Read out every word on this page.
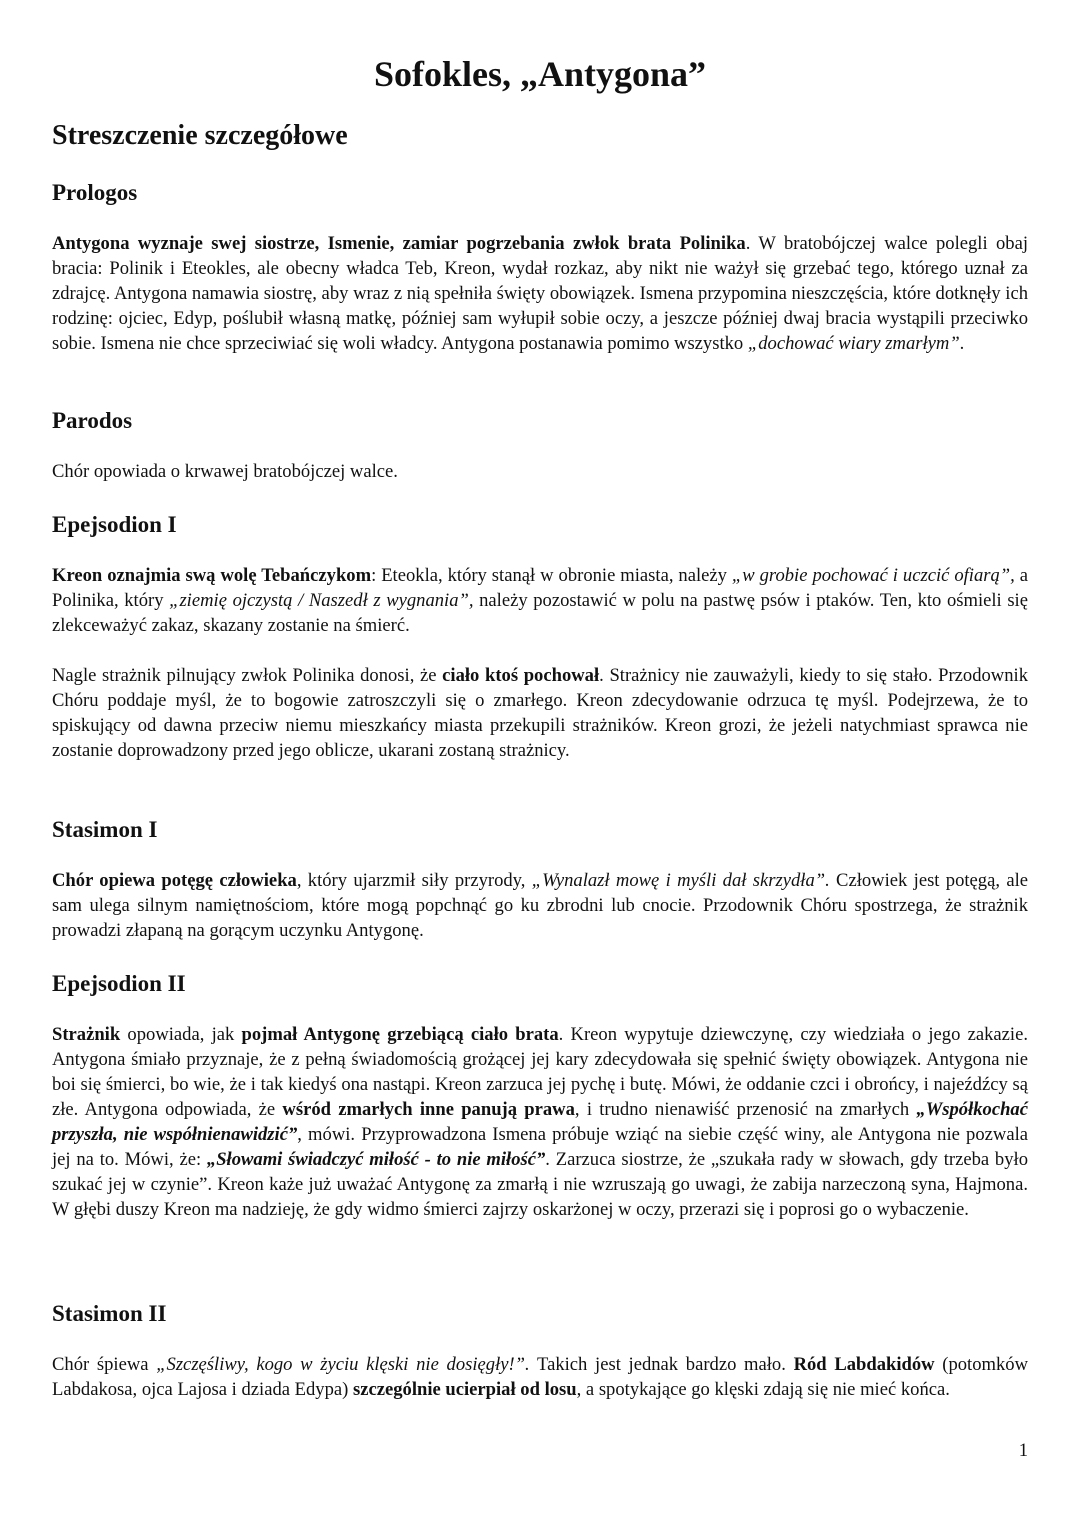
Sofokles, „Antygona”
Streszczenie szczegółowe
Prologos

Antygona wyznaje swej siostrze, Ismenie, zamiar pogrzebania zwłok brata Polinika. W bratobójczej walce polegli obaj bracia: Polinik i Eteokles, ale obecny władca Teb, Kreon, wydał rozkaz, aby nikt nie ważył się grzebać tego, którego uznał za zdrajcę. Antygona namawia siostrę, aby wraz z nią spełniła święty obowiązek. Ismena przypomina nieszczęścia, które dotknęły ich rodzinę: ojciec, Edyp, poślubił własną matkę, później sam wyłupił sobie oczy, a jeszcze później dwaj bracia wystąpili przeciwko sobie. Ismena nie chce sprzeciwiać się woli władcy. Antygona postanawia pomimo wszystko „dochować wiary zmarłym”.

Parodos

Chór opowiada o krwawej bratobójczej walce.

Epejsodion I

Kreon oznajmia swą wolę Tebańczykom: Eteokla, który stanął w obronie miasta, należy „w grobie pochować i uczcić ofiarą”, a Polinika, który „ziemię ojczystą / Naszedł z wygnania”, należy pozostawić w polu na pastwę psów i ptaków. Ten, kto ośmieli się zlekceważyć zakaz, skazany zostanie na śmierć.

Nagle strażnik pilnujący zwłok Polinika donosi, że ciało ktoś pochował. Strażnicy nie zauważyli, kiedy to się stało. Przodownik Chóru poddaje myśl, że to bogowie zatroszczyli się o zmarłego. Kreon zdecydowanie odrzuca tę myśl. Podejrzewa, że to spiskujący od dawna przeciw niemu mieszkańcy miasta przekupili strażników. Kreon grozi, że jeżeli natychmiast sprawca nie zostanie doprowadzony przed jego oblicze, ukarani zostaną strażnicy.

Stasimon I

Chór opiewa potęgę człowieka, który ujarzmił siły przyrody, „Wynalazł mowę i myśli dał skrzydła”. Człowiek jest potęgą, ale sam ulega silnym namiętnościom, które mogą popchnąć go ku zbrodni lub cnocie. Przodownik Chóru spostrzega, że strażnik prowadzi złapaną na gorącym uczynku Antygonę.

Epejsodion II

Strażnik opowiada, jak pojmał Antygonę grzebiącą ciało brata. Kreon wypytuje dziewczynę, czy wiedziała o jego zakazie. Antygona śmiało przyznaje, że z pełną świadomością grożącej jej kary zdecydowała się spełnić święty obowiązek. Antygona nie boi się śmierci, bo wie, że i tak kiedyś ona nastąpi. Kreon zarzuca jej pychę i butę. Mówi, że oddanie czci i obrońcy, i najeźdźcy są złe. Antygona odpowiada, że wśród zmarłych inne panują prawa, i trudno nienawiść przenosić na zmarłych „Współkochać przyszła, nie współnienawidzić”, mówi. Przyprowadzona Ismena próbuje wziąć na siebie część winy, ale Antygona nie pozwala jej na to. Mówi, że: „Słowami świadczyć miłość - to nie miłość”. Zarzuca siostrze, że „szukała rady w słowach, gdy trzeba było szukać jej w czynie”. Kreon każe już uważać Antygonę za zmarłą i nie wzruszają go uwagi, że zabija narzeczoną syna, Hajmona. W głębi duszy Kreon ma nadzieję, że gdy widmo śmierci zajrzy oskarżonej w oczy, przerazi się i poprosi go o wybaczenie.

Stasimon II

Chór śpiewa „Szczęśliwy, kogo w życiu klęski nie dosięgły!”. Takich jest jednak bardzo mało. Ród Labdakidów (potomków Labdakosa, ojca Lajosa i dziada Edypa) szczególnie ucierpiał od losu, a spotykające go klęski zdają się nie mieć końca.

1
